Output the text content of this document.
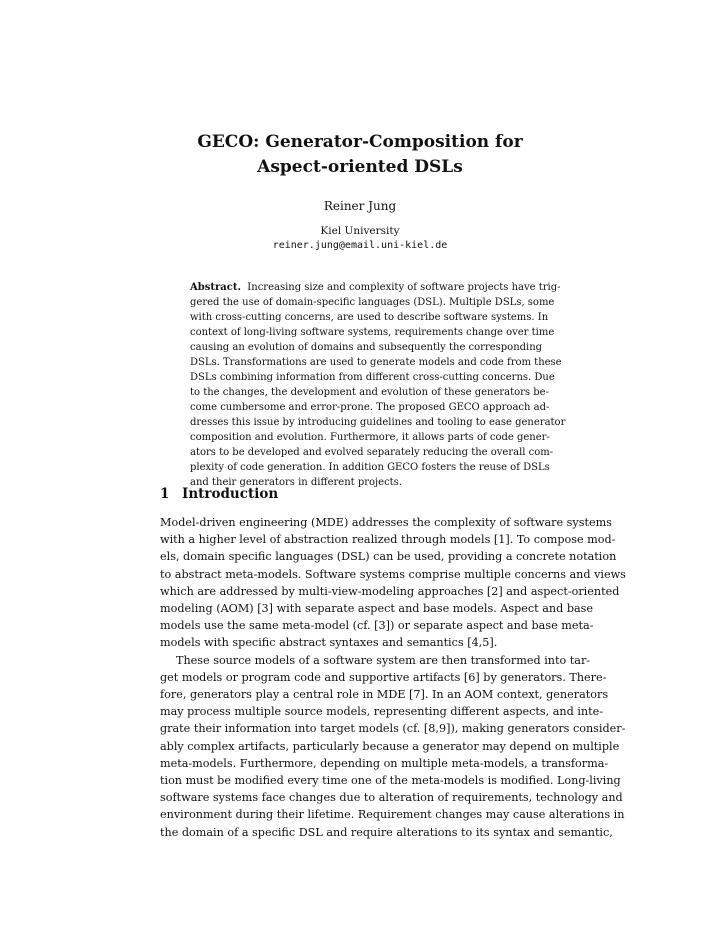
GECO: Generator-Composition for
Aspect-oriented DSLs
Reiner Jung
Kiel University
reiner.jung@email.uni-kiel.de
Abstract. Increasing size and complexity of software projects have trig-
gered the use of domain-specific languages (DSL). Multiple DSLs, some
with cross-cutting concerns, are used to describe software systems. In
context of long-living software systems, requirements change over time
causing an evolution of domains and subsequently the corresponding
DSLs. Transformations are used to generate models and code from these
DSLs combining information from different cross-cutting concerns. Due
to the changes, the development and evolution of these generators be-
come cumbersome and error-prone. The proposed GECO approach ad-
dresses this issue by introducing guidelines and tooling to ease generator
composition and evolution. Furthermore, it allows parts of code gener-
ators to be developed and evolved separately reducing the overall com-
plexity of code generation. In addition GECO fosters the reuse of DSLs
and their generators in different projects.
1 Introduction
Model-driven engineering (MDE) addresses the complexity of software systems
with a higher level of abstraction realized through models [1]. To compose mod-
els, domain specific languages (DSL) can be used, providing a concrete notation
to abstract meta-models. Software systems comprise multiple concerns and views
which are addressed by multi-view-modeling approaches [2] and aspect-oriented
modeling (AOM) [3] with separate aspect and base models. Aspect and base
models use the same meta-model (cf. [3]) or separate aspect and base meta-
models with specific abstract syntaxes and semantics [4,5].
These source models of a software system are then transformed into tar-
get models or program code and supportive artifacts [6] by generators. There-
fore, generators play a central role in MDE [7]. In an AOM context, generators
may process multiple source models, representing different aspects, and inte-
grate their information into target models (cf. [8,9]), making generators consider-
ably complex artifacts, particularly because a generator may depend on multiple
meta-models. Furthermore, depending on multiple meta-models, a transforma-
tion must be modified every time one of the meta-models is modified. Long-living
software systems face changes due to alteration of requirements, technology and
environment during their lifetime. Requirement changes may cause alterations in
the domain of a specific DSL and require alterations to its syntax and semantic,
